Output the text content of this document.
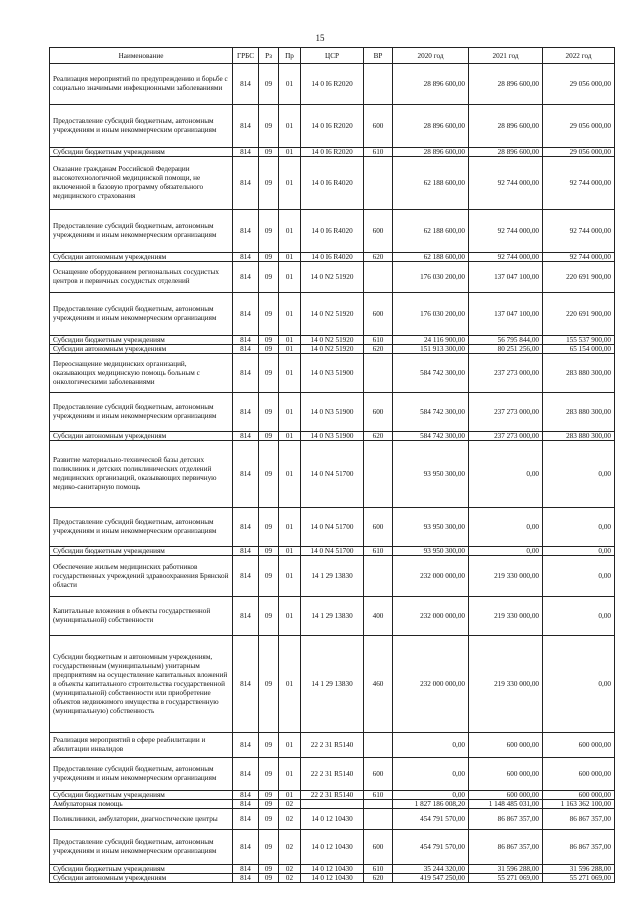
15
Наименование	ГРБС	Рз	Пр	ЦСР	ВР	2020 год	2021 год	2022 год
Реализация мероприятий по предупреждению и борьбе с социально значимыми инфекционными заболеваниями	814	09	01	14 0 I6 R2020		28 896 600,00	28 896 600,00	29 056 000,00
Предоставление субсидий бюджетным, автономным учреждениям и иным некоммерческим организациям	814	09	01	14 0 I6 R2020	600	28 896 600,00	28 896 600,00	29 056 000,00
Субсидии бюджетным учреждениям	814	09	01	14 0 I6 R2020	610	28 896 600,00	28 896 600,00	29 056 000,00
Оказание гражданам Российской Федерации высокотехнологичной медицинской помощи, не включенной в базовую программу обязательного медицинского страхования	814	09	01	14 0 I6 R4020		62 188 600,00	92 744 000,00	92 744 000,00
Предоставление субсидий бюджетным, автономным учреждениям и иным некоммерческим организациям	814	09	01	14 0 I6 R4020	600	62 188 600,00	92 744 000,00	92 744 000,00
Субсидии автономным учреждениям	814	09	01	14 0 I6 R4020	620	62 188 600,00	92 744 000,00	92 744 000,00
Оснащение оборудованием региональных сосудистых центров и первичных сосудистых отделений	814	09	01	14 0 N2 51920		176 030 200,00	137 047 100,00	220 691 900,00
Предоставление субсидий бюджетным, автономным учреждениям и иным некоммерческим организациям	814	09	01	14 0 N2 51920	600	176 030 200,00	137 047 100,00	220 691 900,00
Субсидии бюджетным учреждениям	814	09	01	14 0 N2 51920	610	24 116 900,00	56 795 844,00	155 537 900,00
Субсидии автономным учреждениям	814	09	01	14 0 N2 51920	620	151 913 300,00	80 251 256,00	65 154 000,00
Переоснащение медицинских организаций, оказывающих медицинскую помощь больным с онкологическими заболеваниями	814	09	01	14 0 N3 51900		584 742 300,00	237 273 000,00	283 880 300,00
Предоставление субсидий бюджетным, автономным учреждениям и иным некоммерческим организациям	814	09	01	14 0 N3 51900	600	584 742 300,00	237 273 000,00	283 880 300,00
Субсидии автономным учреждениям	814	09	01	14 0 N3 51900	620	584 742 300,00	237 273 000,00	283 880 300,00
Развитие материально-технической базы детских поликлиник и детских поликлинических отделений медицинских организаций, оказывающих первичную медико-санитарную помощь	814	09	01	14 0 N4 51700		93 950 300,00	0,00	0,00
Предоставление субсидий бюджетным, автономным учреждениям и иным некоммерческим организациям	814	09	01	14 0 N4 51700	600	93 950 300,00	0,00	0,00
Субсидии бюджетным учреждениям	814	09	01	14 0 N4 51700	610	93 950 300,00	0,00	0,00
Обеспечение жильем медицинских работников государственных учреждений здравоохранения Брянской области	814	09	01	14 1 29 13830		232 000 000,00	219 330 000,00	0,00
Капитальные вложения в объекты государственной (муниципальной) собственности	814	09	01	14 1 29 13830	400	232 000 000,00	219 330 000,00	0,00
Субсидии бюджетным и автономным учреждениям, государственным (муниципальным) унитарным предприятиям на осуществление капитальных вложений в объекты капитального строительства государственной (муниципальной) собственности или приобретение объектов недвижимого имущества в государственную (муниципальную) собственность	814	09	01	14 1 29 13830	460	232 000 000,00	219 330 000,00	0,00
Реализация мероприятий в сфере реабилитации и абилитации инвалидов	814	09	01	22 2 31 R5140		0,00	600 000,00	600 000,00
Предоставление субсидий бюджетным, автономным учреждениям и иным некоммерческим организациям	814	09	01	22 2 31 R5140	600	0,00	600 000,00	600 000,00
Субсидии бюджетным учреждениям	814	09	01	22 2 31 R5140	610	0,00	600 000,00	600 000,00
Амбулаторная помощь	814	09	02			1 827 186 008,20	1 148 485 031,00	1 163 362 100,00
Поликлиники, амбулатории, диагностические центры	814	09	02	14 0 12 10430		454 791 570,00	86 867 357,00	86 867 357,00
Предоставление субсидий бюджетным, автономным учреждениям и иным некоммерческим организациям	814	09	02	14 0 12 10430	600	454 791 570,00	86 867 357,00	86 867 357,00
Субсидии бюджетным учреждениям	814	09	02	14 0 12 10430	610	35 244 320,00	31 596 288,00	31 596 288,00
Субсидии автономным учреждениям	814	09	02	14 0 12 10430	620	419 547 250,00	55 271 069,00	55 271 069,00
